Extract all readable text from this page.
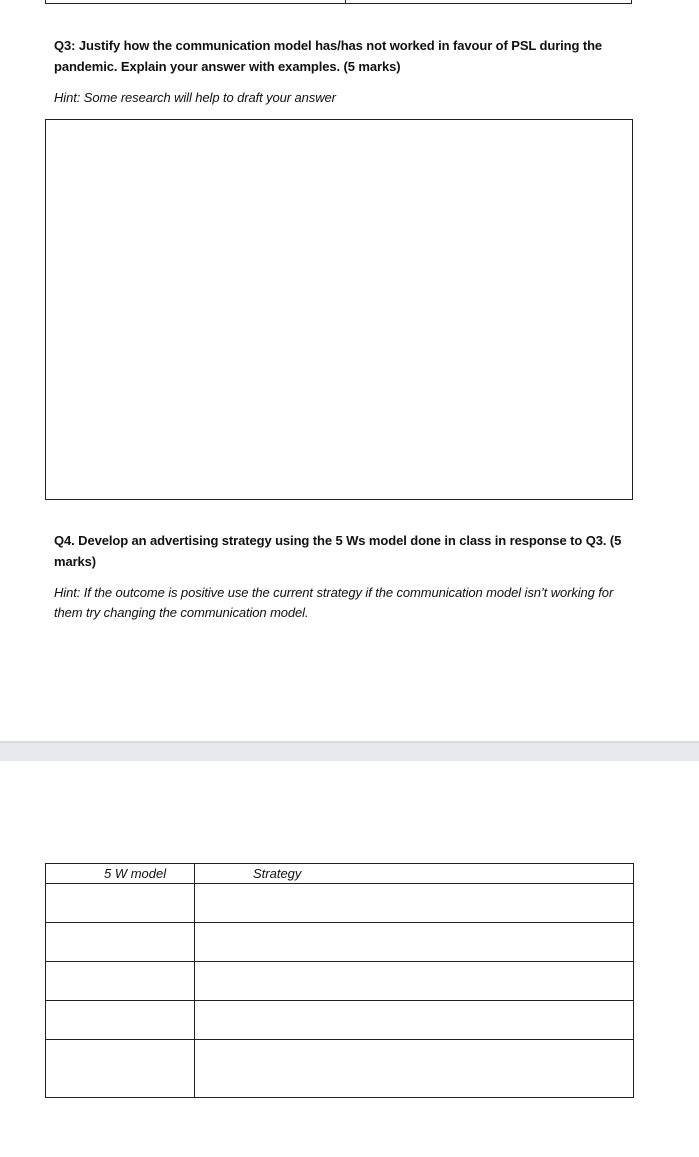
Q3: Justify how the communication model has/has not worked in favour of PSL during the pandemic. Explain your answer with examples. (5 marks)
Hint: Some research will help to draft your answer
Q4. Develop an advertising strategy using the 5 Ws model done in class in response to Q3. (5 marks)
Hint: If the outcome is positive use the current strategy if the communication model isn’t working for them try changing the communication model.
5 W model	Strategy
